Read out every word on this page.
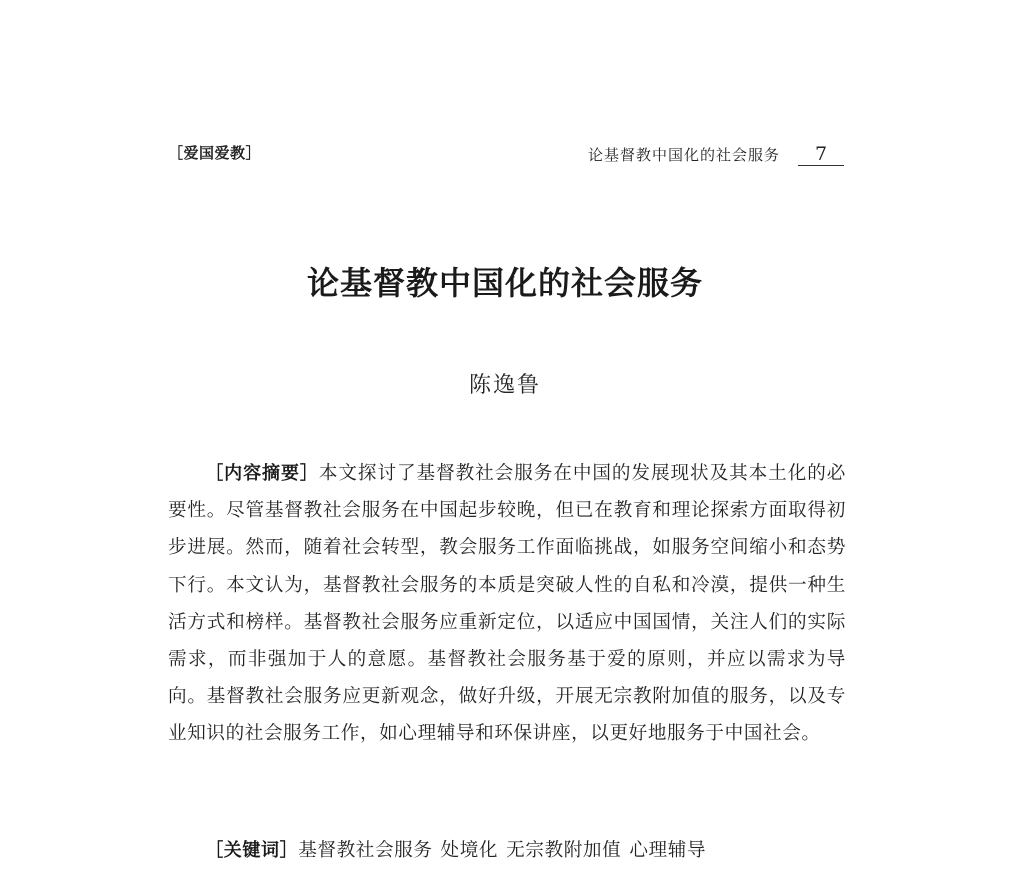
［爱国爱教］	论基督教中国化的社会服务	7
论基督教中国化的社会服务
陈逸鲁

［内容摘要］本文探讨了基督教社会服务在中国的发展现状及其本土化的必要性。尽管基督教社会服务在中国起步较晚，但已在教育和理论探索方面取得初步进展。然而，随着社会转型，教会服务工作面临挑战，如服务空间缩小和态势下行。本文认为，基督教社会服务的本质是突破人性的自私和冷漠，提供一种生活方式和榜样。基督教社会服务应重新定位，以适应中国国情，关注人们的实际需求，而非强加于人的意愿。基督教社会服务基于爱的原则，并应以需求为导向。基督教社会服务应更新观念，做好升级，开展无宗教附加值的服务，以及专业知识的社会服务工作，如心理辅导和环保讲座，以更好地服务于中国社会。

［关键词］基督教社会服务 处境化 无宗教附加值 心理辅导
